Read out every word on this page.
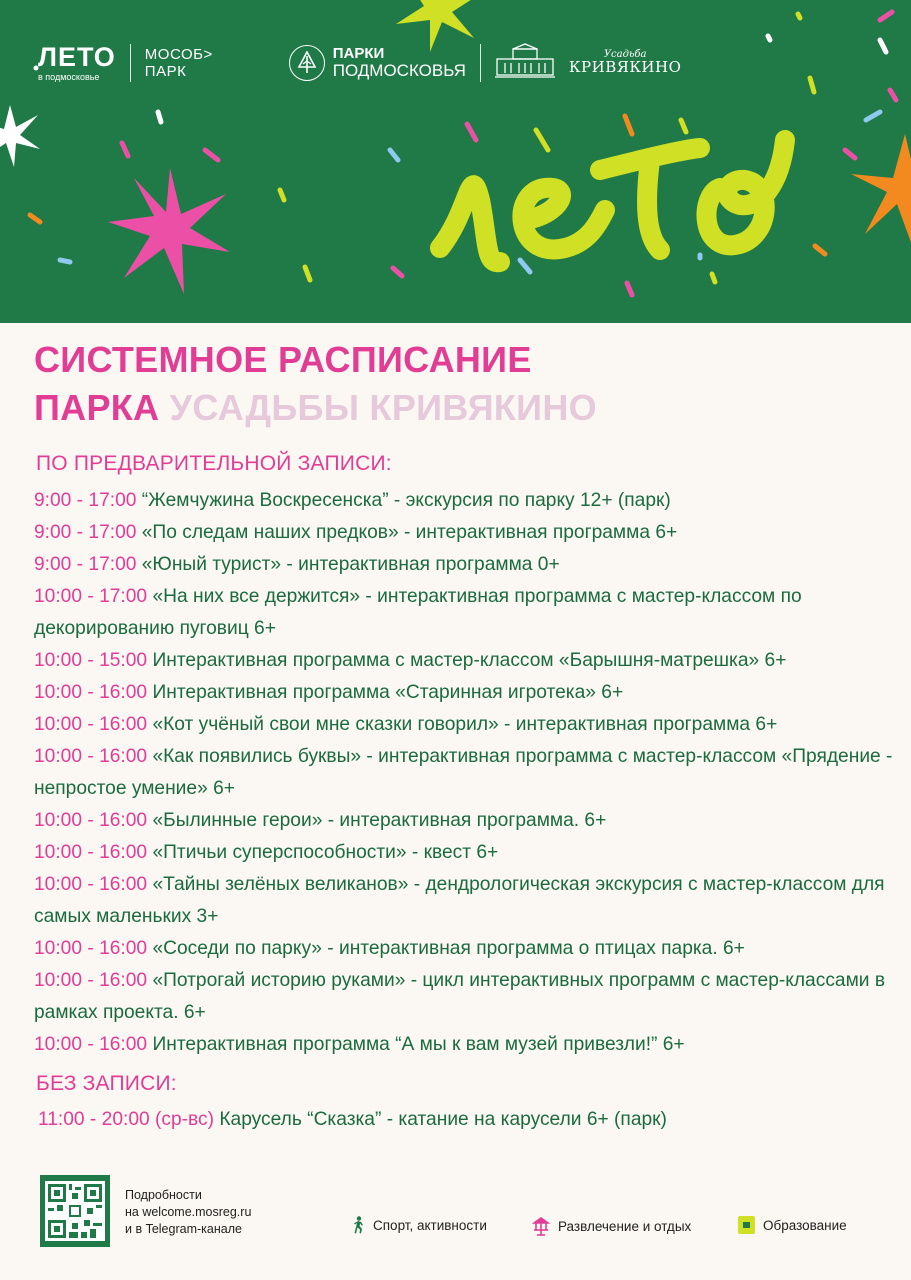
ЛЕТО
в подмосковье
МОСОБ>
ПАРК
ПАРКИ
ПОДМОСКОВЬЯ
Усадьба
КРИВЯКИНО
СИСТЕМНОЕ РАСПИСАНИЕ
ПАРКА УСАДЬБЫ КРИВЯКИНО
ПО ПРЕДВАРИТЕЛЬНОЙ ЗАПИСИ:
9:00 - 17:00 “Жемчужина Воскресенска” - экскурсия по парку 12+ (парк)
9:00 - 17:00 «По следам наших предков» - интерактивная программа 6+
9:00 - 17:00 «Юный турист» - интерактивная программа 0+
10:00 - 17:00 «На них все держится» - интерактивная программа с мастер-классом по декорированию пуговиц 6+
10:00 - 15:00 Интерактивная программа с мастер-классом «Барышня-матрешка» 6+
10:00 - 16:00 Интерактивная программа «Старинная игротека» 6+
10:00 - 16:00 «Кот учёный свои мне сказки говорил» - интерактивная программа 6+
10:00 - 16:00 «Как появились буквы» - интерактивная программа с мастер-классом «Прядение - непростое умение» 6+
10:00 - 16:00 «Былинные герои» - интерактивная программа. 6+
10:00 - 16:00 «Птичьи суперспособности» - квест 6+
10:00 - 16:00 «Тайны зелёных великанов» - дендрологическая экскурсия с мастер-классом для самых маленьких 3+
10:00 - 16:00 «Соседи по парку» - интерактивная программа о птицах парка. 6+
10:00 - 16:00 «Потрогай историю руками» - цикл интерактивных программ с мастер-классами в рамках проекта. 6+
10:00 - 16:00 Интерактивная программа “А мы к вам музей привезли!” 6+
БЕЗ ЗАПИСИ:
11:00 - 20:00 (ср-вс) Карусель “Сказка” - катание на карусели 6+ (парк)
Подробности
на welcome.mosreg.ru
и в Telegram-канале	Спорт, активности	Развлечение и отдых	Образование
